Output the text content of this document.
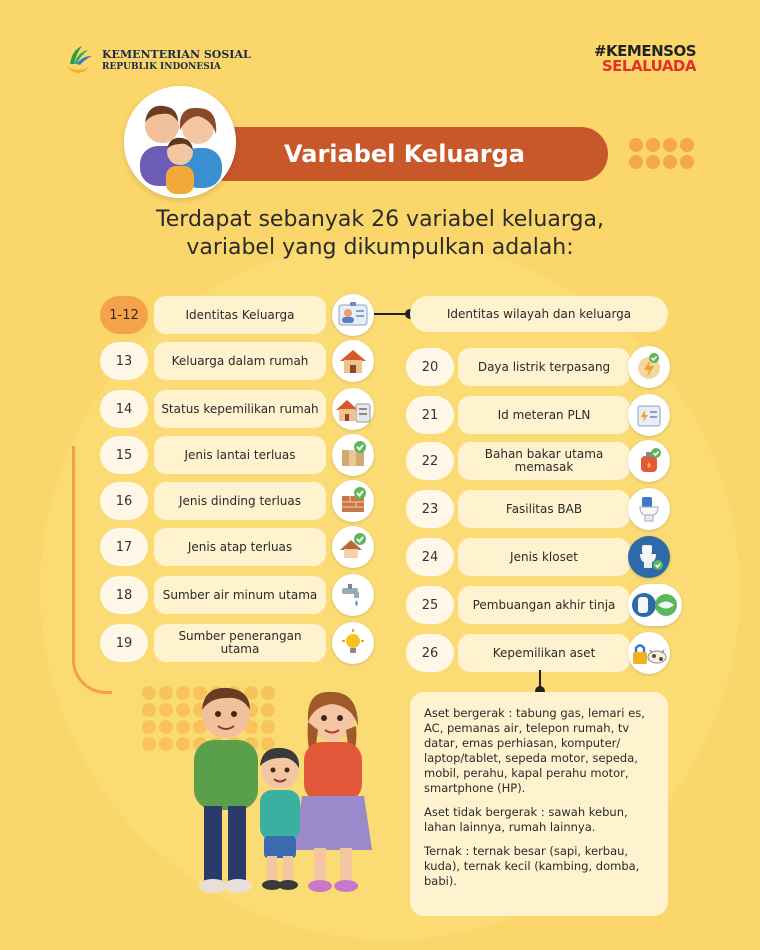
KEMENTERIAN SOSIAL
REPUBLIK INDONESIA
#KEMENSOS
SELALUADA
Variabel Keluarga
Terdapat sebanyak 26 variabel keluarga,
variabel yang dikumpulkan adalah:
1-12	Identitas Keluarga
13	Keluarga dalam rumah
14	Status kepemilikan rumah
15	Jenis lantai terluas
16	Jenis dinding terluas
17	Jenis atap terluas
18	Sumber air minum utama
19	Sumber penerangan utama
Identitas wilayah dan keluarga
20	Daya listrik terpasang
21	Id meteran PLN
22	Bahan bakar utama memasak
23	Fasilitas BAB
24	Jenis kloset
25	Pembuangan akhir tinja
26	Kepemilikan aset

Aset bergerak : tabung gas, lemari es, AC, pemanas air, telepon rumah, tv datar, emas perhiasan, komputer/ laptop/tablet, sepeda motor, sepeda, mobil, perahu, kapal perahu motor, smartphone (HP).

Aset tidak bergerak : sawah kebun, lahan lainnya, rumah lainnya.

Ternak : ternak besar (sapi, kerbau, kuda), ternak kecil (kambing, domba, babi).
